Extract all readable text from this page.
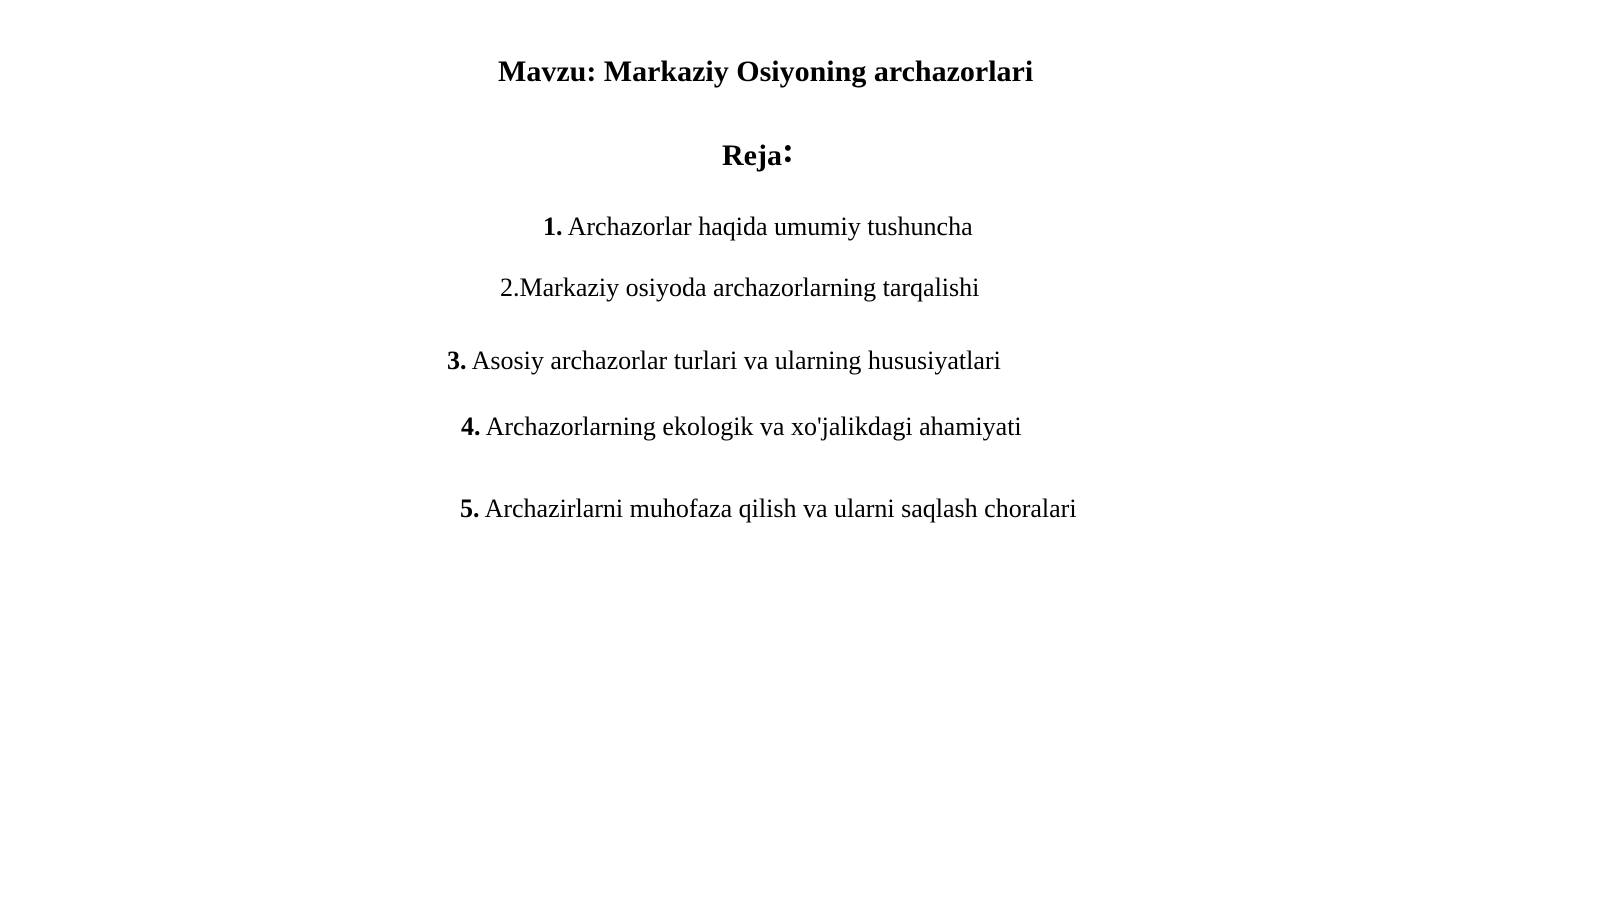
Mavzu: Markaziy Osiyoning archazorlari
Reja:
1. Archazorlar haqida umumiy tushuncha
2.Markaziy osiyoda archazorlarning tarqalishi
3. Asosiy archazorlar turlari va ularning hususiyatlari
4. Archazorlarning ekologik va xo'jalikdagi ahamiyati
5. Archazirlarni muhofaza qilish va ularni saqlash choralari
